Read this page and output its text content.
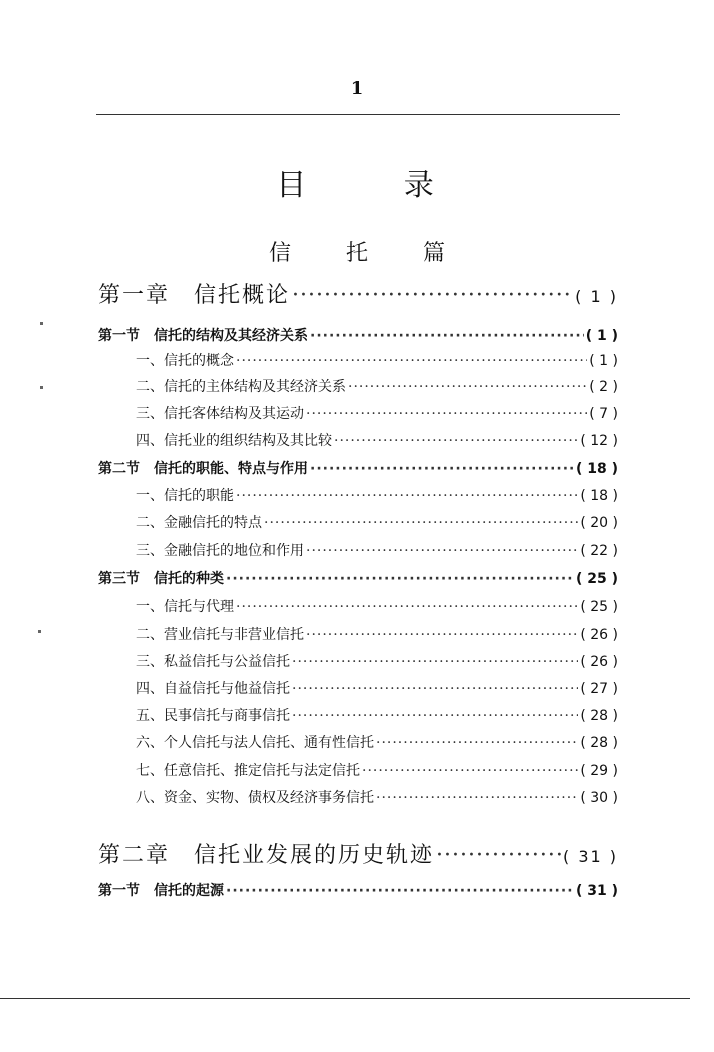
1
目 录
信 托 篇
第一章　信托概论 ·····	( 1 )
第一节　信托的结构及其经济关系 ·····	( 1 )
一、信托的概念 ·····	( 1 )
二、信托的主体结构及其经济关系 ·····	( 2 )
三、信托客体结构及其运动 ·····	( 7 )
四、信托业的组织结构及其比较 ·····	( 12 )
第二节　信托的职能、特点与作用 ·····	( 18 )
一、信托的职能 ·····	( 18 )
二、金融信托的特点 ·····	( 20 )
三、金融信托的地位和作用 ·····	( 22 )
第三节　信托的种类 ·····	( 25 )
一、信托与代理 ·····	( 25 )
二、营业信托与非营业信托 ·····	( 26 )
三、私益信托与公益信托 ·····	( 26 )
四、自益信托与他益信托 ·····	( 27 )
五、民事信托与商事信托 ·····	( 28 )
六、个人信托与法人信托、通有性信托 ·····	( 28 )
七、任意信托、推定信托与法定信托 ·····	( 29 )
八、资金、实物、债权及经济事务信托 ·····	( 30 )
第二章　信托业发展的历史轨迹 ·····	( 31 )
第一节　信托的起源 ·····	( 31 )
